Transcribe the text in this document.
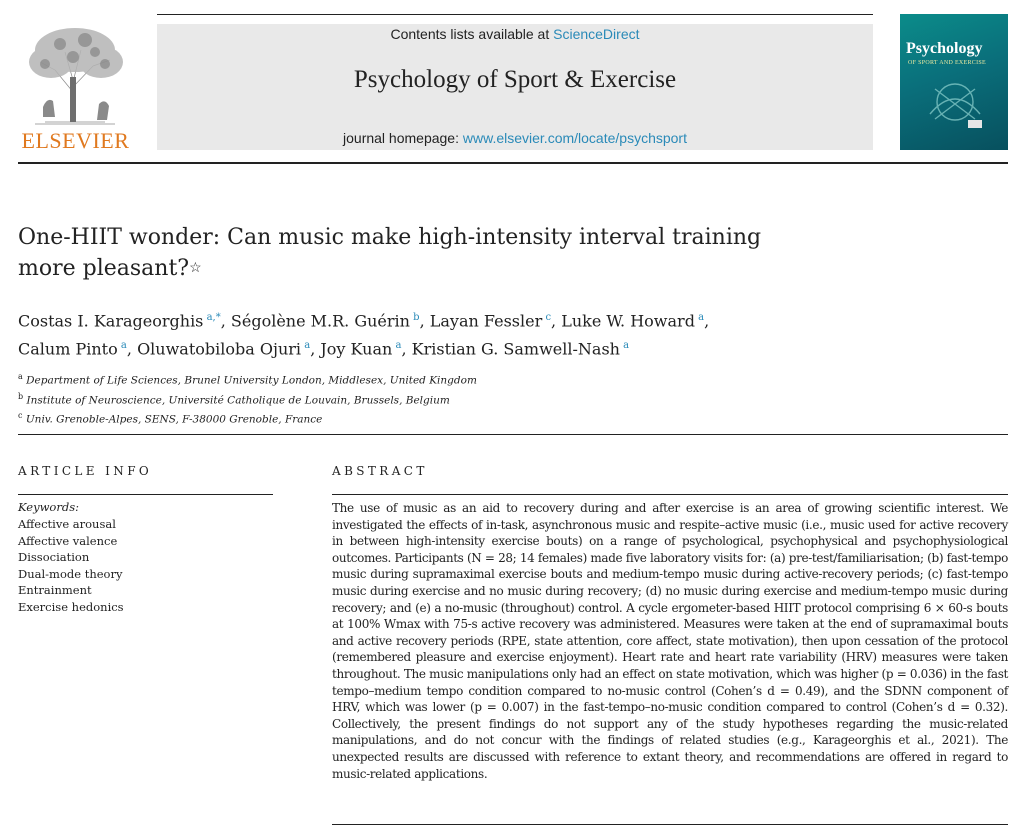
ELSEVIER
Contents lists available at ScienceDirect
Psychology of Sport & Exercise
journal homepage: www.elsevier.com/locate/psychsport
Psychology
OF SPORT AND EXERCISE
One-HIIT wonder: Can music make high-intensity interval training more pleasant?☆
Costas I. Karageorghis  $^{a,*}$, Ségolène M.R. Guérin  $^b$, Layan Fessler  $^c$, Luke W. Howard  $^a$,
Calum Pinto  $^a$, Oluwatobiloba Ojuri  $^a$, Joy Kuan  $^a$, Kristian G. Samwell-Nash  $^a$
$^a$ Department of Life Sciences, Brunel University London, Middlesex, United Kingdom
$^b$ Institute of Neuroscience, Université Catholique de Louvain, Brussels, Belgium
$^c$ Univ. Grenoble-Alpes, SENS, F-38000 Grenoble, France
ARTICLE INFO
Keywords:
Affective arousal
Affective valence
Dissociation
Dual-mode theory
Entrainment
Exercise hedonics
ABSTRACT

The use of music as an aid to recovery during and after exercise is an area of growing scientific interest. We investigated the effects of in-task, asynchronous music and respite–active music (i.e., music used for active recovery in between high-intensity exercise bouts) on a range of psychological, psychophysical and psychophysiological outcomes. Participants (N = 28; 14 females) made five laboratory visits for: (a) pre-test/familiarisation; (b) fast-tempo music during supramaximal exercise bouts and medium-tempo music during active-recovery periods; (c) fast-tempo music during exercise and no music during recovery; (d) no music during exercise and medium-tempo music during recovery; and (e) a no-music (throughout) control. A cycle ergometer-based HIIT protocol comprising 6 × 60-s bouts at 100% Wmax with 75-s active recovery was administered. Measures were taken at the end of supramaximal bouts and active recovery periods (RPE, state attention, core affect, state motivation), then upon cessation of the protocol (remembered pleasure and exercise enjoyment). Heart rate and heart rate variability (HRV) measures were taken throughout. The music manipulations only had an effect on state motivation, which was higher (p = 0.036) in the fast tempo–medium tempo condition compared to no-music control (Cohen’s d = 0.49), and the SDNN component of HRV, which was lower (p = 0.007) in the fast-tempo–no-music condition compared to control (Cohen’s d = 0.32). Collectively, the present findings do not support any of the study hypotheses regarding the music-related manipulations, and do not concur with the findings of related studies (e.g., Karageorghis et al., 2021). The unexpected results are discussed with reference to extant theory, and recommendations are offered in regard to music-related applications.
